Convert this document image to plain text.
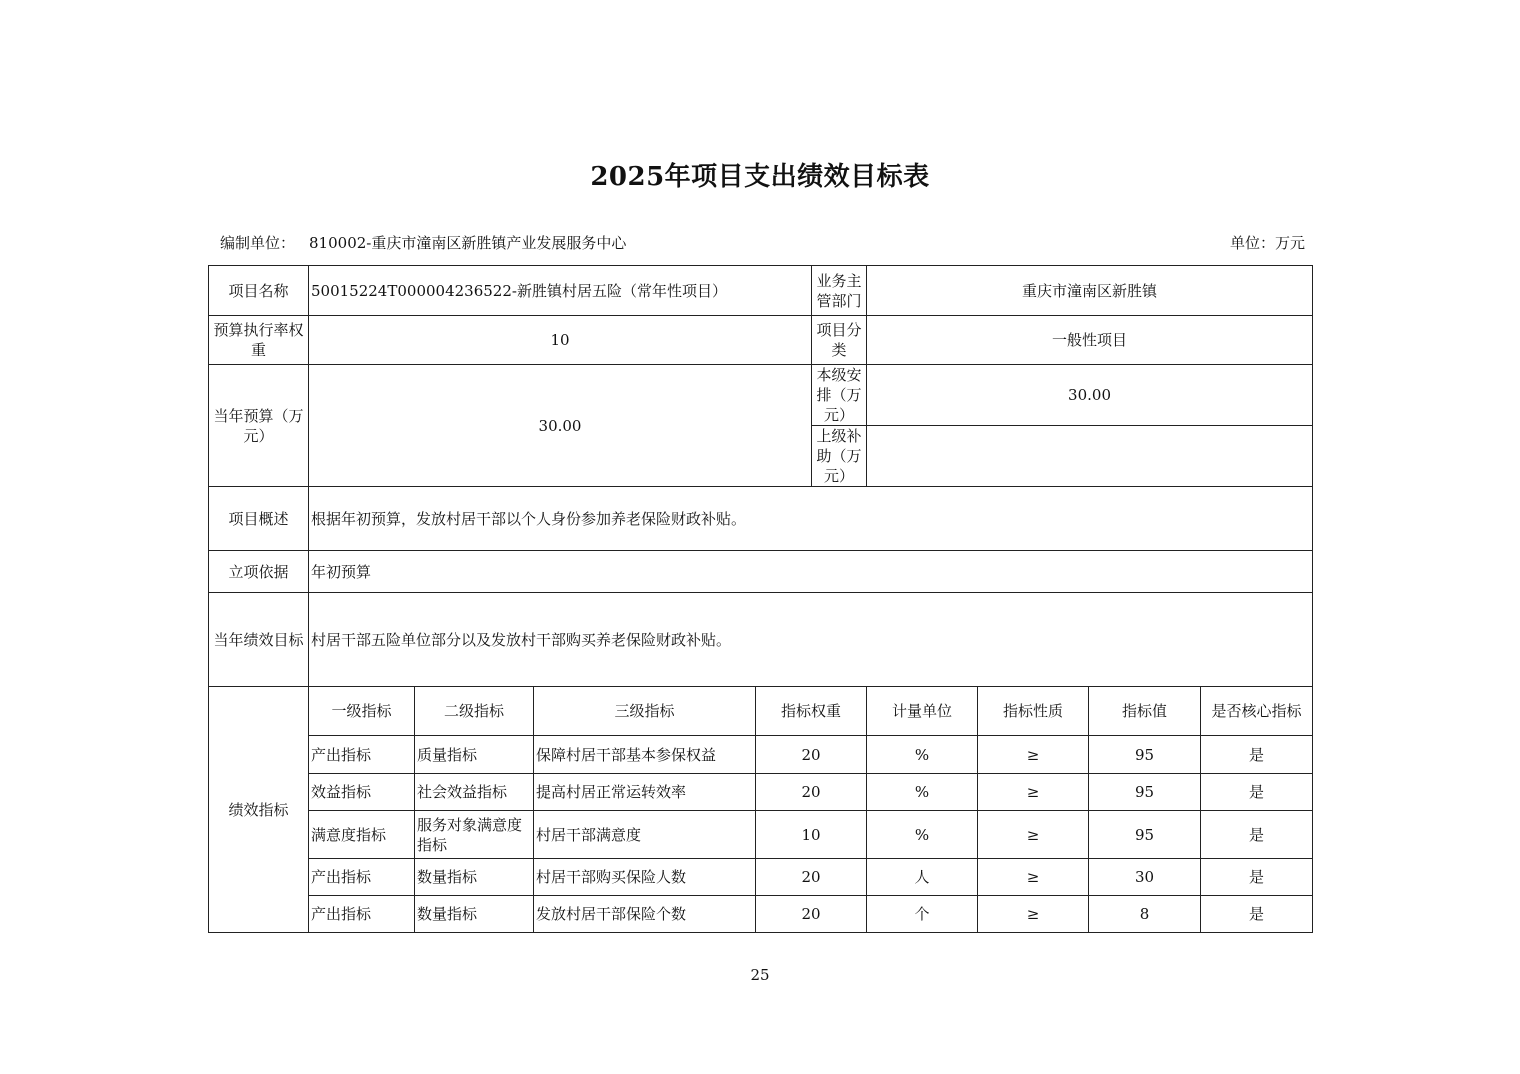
2025年项目支出绩效目标表
编制单位： 810002-重庆市潼南区新胜镇产业发展服务中心	单位：万元
项目名称	50015224T000004236522-新胜镇村居五险（常年性项目）				业务主管部门	重庆市潼南区新胜镇			
预算执行率权重	10				项目分类	一般性项目			
当年预算（万元）	30.00				本级安排（万元）	30.00			
					上级补助（万元）				
项目概述	根据年初预算，发放村居干部以个人身份参加养老保险财政补贴。								
立项依据	年初预算								
当年绩效目标	村居干部五险单位部分以及发放村干部购买养老保险财政补贴。								
绩效指标	一级指标	二级指标	三级指标	指标权重		计量单位	指标性质	指标值	是否核心指标
	产出指标	质量指标	保障村居干部基本参保权益	20		%	≥	95	是
	效益指标	社会效益指标	提高村居正常运转效率	20		%	≥	95	是
	满意度指标	服务对象满意度指标	村居干部满意度	10		%	≥	95	是
	产出指标	数量指标	村居干部购买保险人数	20		人	≥	30	是
	产出指标	数量指标	发放村居干部保险个数	20		个	≥	8	是
25
